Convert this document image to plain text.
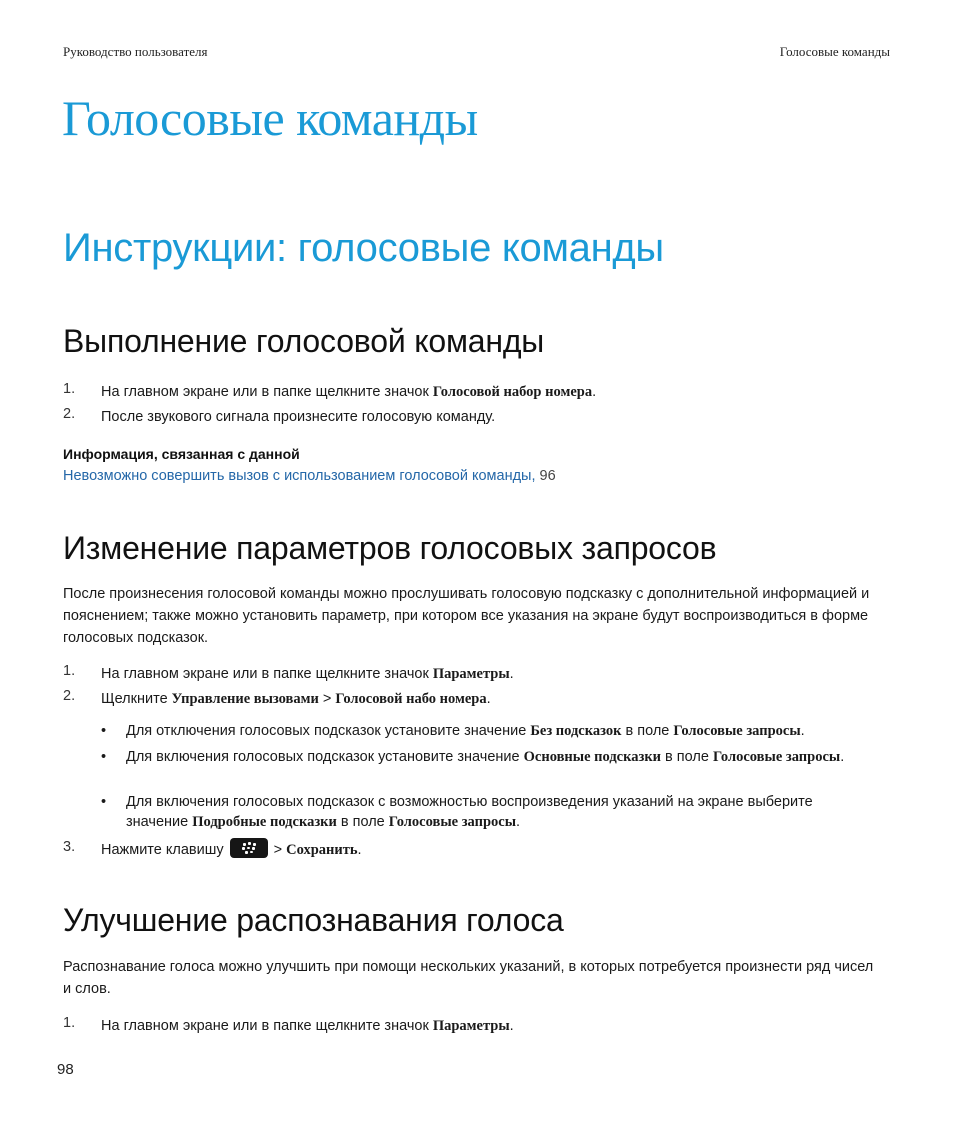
Руководство пользователя	Голосовые команды
Голосовые команды
Инструкции: голосовые команды
Выполнение голосовой команды
1. На главном экране или в папке щелкните значок Голосовой набор номера.
2. После звукового сигнала произнесите голосовую команду.
Информация, связанная с данной
Невозможно совершить вызов с использованием голосовой команды, 96
Изменение параметров голосовых запросов
После произнесения голосовой команды можно прослушивать голосовую подсказку с дополнительной информацией и пояснением; также можно установить параметр, при котором все указания на экране будут воспроизводиться в форме голосовых подсказок.
1. На главном экране или в папке щелкните значок Параметры.
2. Щелкните Управление вызовами > Голосовой набо номера.
• Для отключения голосовых подсказок установите значение Без подсказок в поле Голосовые запросы.
• Для включения голосовых подсказок установите значение Основные подсказки в поле Голосовые запросы.
• Для включения голосовых подсказок с возможностью воспроизведения указаний на экране выберите значение Подробные подсказки в поле Голосовые запросы.
3. Нажмите клавишу	> Сохранить.
Улучшение распознавания голоса
Распознавание голоса можно улучшить при помощи нескольких указаний, в которых потребуется произнести ряд чисел и слов.
1. На главном экране или в папке щелкните значок Параметры.
98
